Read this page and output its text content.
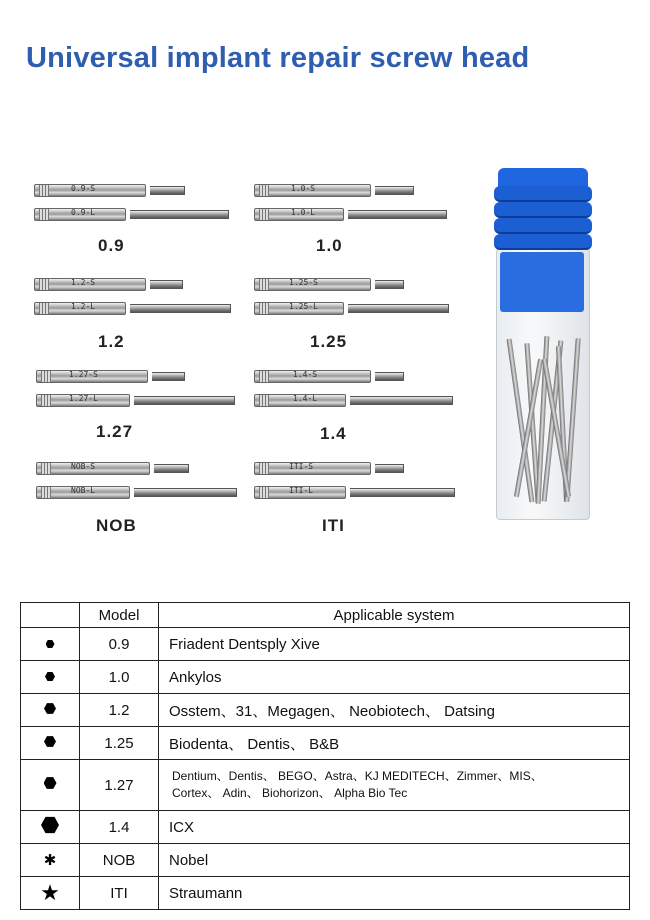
Universal implant repair screw head
0.9-S
0.9-L
0.9
1.0-S
1.0-L
1.0
1.2-S
1.2-L
1.2
1.25-S
1.25-L
1.25
1.27-S
1.27-L
1.27
1.4-S
1.4-L
1.4
NOB-S
NOB-L
NOB
ITI-S
ITI-L
ITI
	Model	Applicable system
	0.9	Friadent Dentsply Xive
	1.0	Ankylos
	1.2	Osstem、31、Megagen、 Neobiotech、 Datsing
	1.25	Biodenta、 Dentis、 B&B
	1.27	Dentium、Dentis、 BEGO、Astra、KJ MEDITECH、Zimmer、MIS、
Cortex、 Adin、 Biohorizon、 Alpha Bio Tec

	1.4	ICX
✱	NOB	Nobel
★	ITI	Straumann
